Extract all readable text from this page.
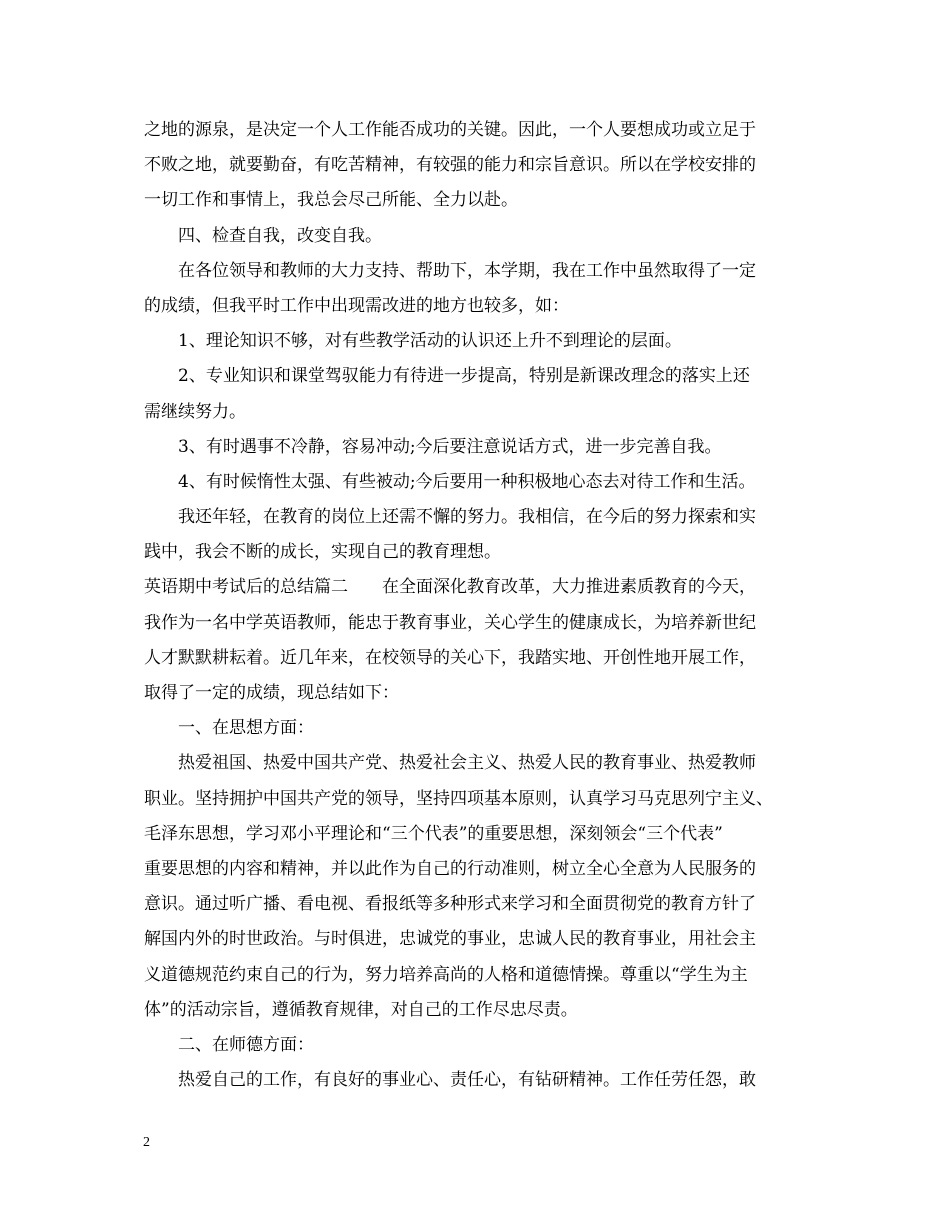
之地的源泉，是决定一个人工作能否成功的关键。因此，一个人要想成功或立足于
不败之地，就要勤奋，有吃苦精神，有较强的能力和宗旨意识。所以在学校安排的
一切工作和事情上，我总会尽己所能、全力以赴。
四、检查自我，改变自我。
在各位领导和教师的大力支持、帮助下，本学期，我在工作中虽然取得了一定
的成绩，但我平时工作中出现需改进的地方也较多，如：
1、理论知识不够，对有些教学活动的认识还上升不到理论的层面。
2、专业知识和课堂驾驭能力有待进一步提高，特别是新课改理念的落实上还
需继续努力。
3、有时遇事不冷静，容易冲动;今后要注意说话方式，进一步完善自我。
4、有时候惰性太强、有些被动;今后要用一种积极地心态去对待工作和生活。
我还年轻，在教育的岗位上还需不懈的努力。我相信，在今后的努力探索和实
践中，我会不断的成长，实现自己的教育理想。
英语期中考试后的总结篇二　　在全面深化教育改革，大力推进素质教育的今天，
我作为一名中学英语教师，能忠于教育事业，关心学生的健康成长，为培养新世纪
人才默默耕耘着。近几年来，在校领导的关心下，我踏实地、开创性地开展工作，
取得了一定的成绩，现总结如下：
一、在思想方面：
热爱祖国、热爱中国共产党、热爱社会主义、热爱人民的教育事业、热爱教师
职业。坚持拥护中国共产党的领导，坚持四项基本原则，认真学习马克思列宁主义、
毛泽东思想，学习邓小平理论和“三个代表”的重要思想，深刻领会“三个代表”
重要思想的内容和精神，并以此作为自己的行动准则，树立全心全意为人民服务的
意识。通过听广播、看电视、看报纸等多种形式来学习和全面贯彻党的教育方针了
解国内外的时世政治。与时俱进，忠诚党的事业，忠诚人民的教育事业，用社会主
义道德规范约束自己的行为，努力培养高尚的人格和道德情操。尊重以“学生为主
体”的活动宗旨，遵循教育规律，对自己的工作尽忠尽责。
二、在师德方面：
热爱自己的工作，有良好的事业心、责任心，有钻研精神。工作任劳任怨，敢
2
